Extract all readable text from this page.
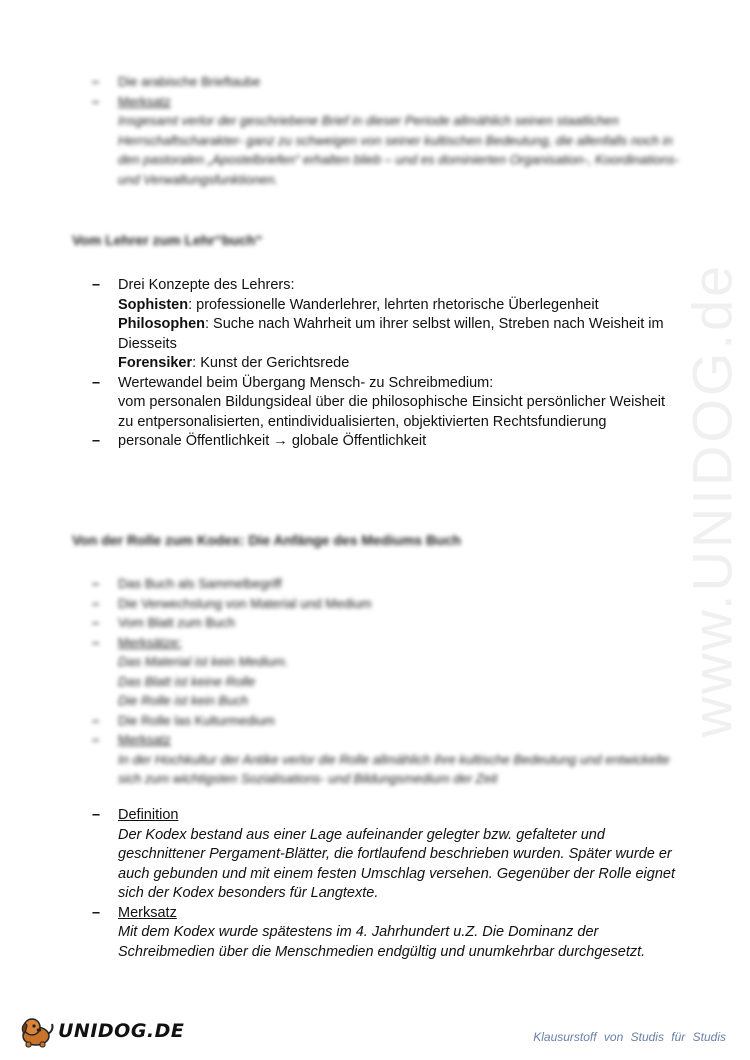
www.UNIDOG.de
– Die arabische Brieftaube
– Merksatz
Insgesamt verlor der geschriebene Brief in dieser Periode allmählich seinen staatlichen Herrschaftscharakter- ganz zu schweigen von seiner kultischen Bedeutung, die allenfalls noch in den pastoralen „Apostelbriefen“ erhalten blieb – und es dominierten Organisation-, Koordinations- und Verwaltungsfunktionen.
Vom Lehrer zum Lehr“buch“
– Drei Konzepte des Lehrers:
Sophisten: professionelle Wanderlehrer, lehrten rhetorische Überlegenheit
Philosophen: Suche nach Wahrheit um ihrer selbst willen, Streben nach Weisheit im Diesseits
Forensiker: Kunst der Gerichtsrede
– Wertewandel beim Übergang Mensch- zu Schreibmedium:
vom personalen Bildungsideal über die philosophische Einsicht persönlicher Weisheit zu entpersonalisierten, entindividualisierten, objektivierten Rechtsfundierung
– personale Öffentlichkeit → globale Öffentlichkeit
Von der Rolle zum Kodex: Die Anfänge des Mediums Buch
– Das Buch als Sammelbegriff
– Die Verwechslung von Material und Medium
– Vom Blatt zum Buch
– Merksätze:
Das Material ist kein Medium.
Das Blatt ist keine Rolle
Die Rolle ist kein Buch
– Die Rolle las Kulturmedium
– Merksatz
In der Hochkultur der Antike verlor die Rolle allmählich ihre kultische Bedeutung und entwickelte sich zum wichtigsten Sozialisations- und Bildungsmedium der Zeit
– Definition
Der Kodex bestand aus einer Lage aufeinander gelegter bzw. gefalteter und geschnittener Pergament-Blätter, die fortlaufend beschrieben wurden. Später wurde er auch gebunden und mit einem festen Umschlag versehen. Gegenüber der Rolle eignet sich der Kodex besonders für Langtexte.
– Merksatz
Mit dem Kodex wurde spätestens im 4. Jahrhundert u.Z. Die Dominanz der Schreibmedien über die Menschmedien endgültig und unumkehrbar durchgesetzt.
UNIDOG.DE	Klausurstoff von Studis für Studis
